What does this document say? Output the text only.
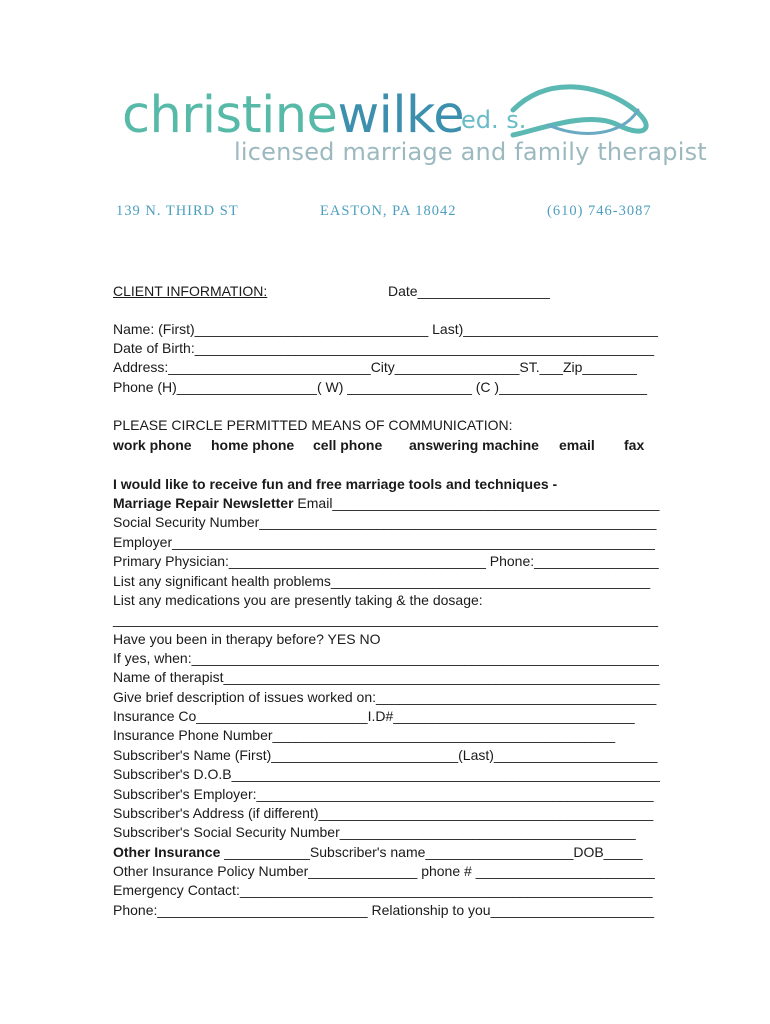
christinewilke
ed. s.
licensed marriage and family therapist
139 N. THIRD ST	EASTON, PA 18042	(610) 746-3087
CLIENT INFORMATION:	Date_________________
Name: (First)______________________________ Last)_________________________
Date of Birth:___________________________________________________________
Address:__________________________City________________ST.___Zip_______
Phone (H)__________________( W) ________________ (C )___________________
PLEASE CIRCLE PERMITTED MEANS OF COMMUNICATION:
work phone home phone cell phone answering machine email fax
I would like to receive fun and free marriage tools and techniques -
Marriage Repair Newsletter Email__________________________________________
Social Security Number___________________________________________________
Employer______________________________________________________________
Primary Physician:_________________________________ Phone:________________
List any significant health problems_________________________________________
List any medications you are presently taking & the dosage:
______________________________________________________________________
Have you been in therapy before? YES NO
If yes, when:____________________________________________________________
Name of therapist________________________________________________________
Give brief description of issues worked on:____________________________________
Insurance Co______________________I.D#_______________________________
Insurance Phone Number____________________________________________
Subscriber's Name (First)________________________(Last)_____________________
Subscriber's D.O.B_______________________________________________________
Subscriber's Employer:___________________________________________________
Subscriber's Address (if different)___________________________________________
Subscriber's Social Security Number______________________________________
Other Insurance ___________Subscriber's name___________________DOB_____
Other Insurance Policy Number______________ phone # _______________________
Emergency Contact:_____________________________________________________
Phone:___________________________ Relationship to you_____________________
